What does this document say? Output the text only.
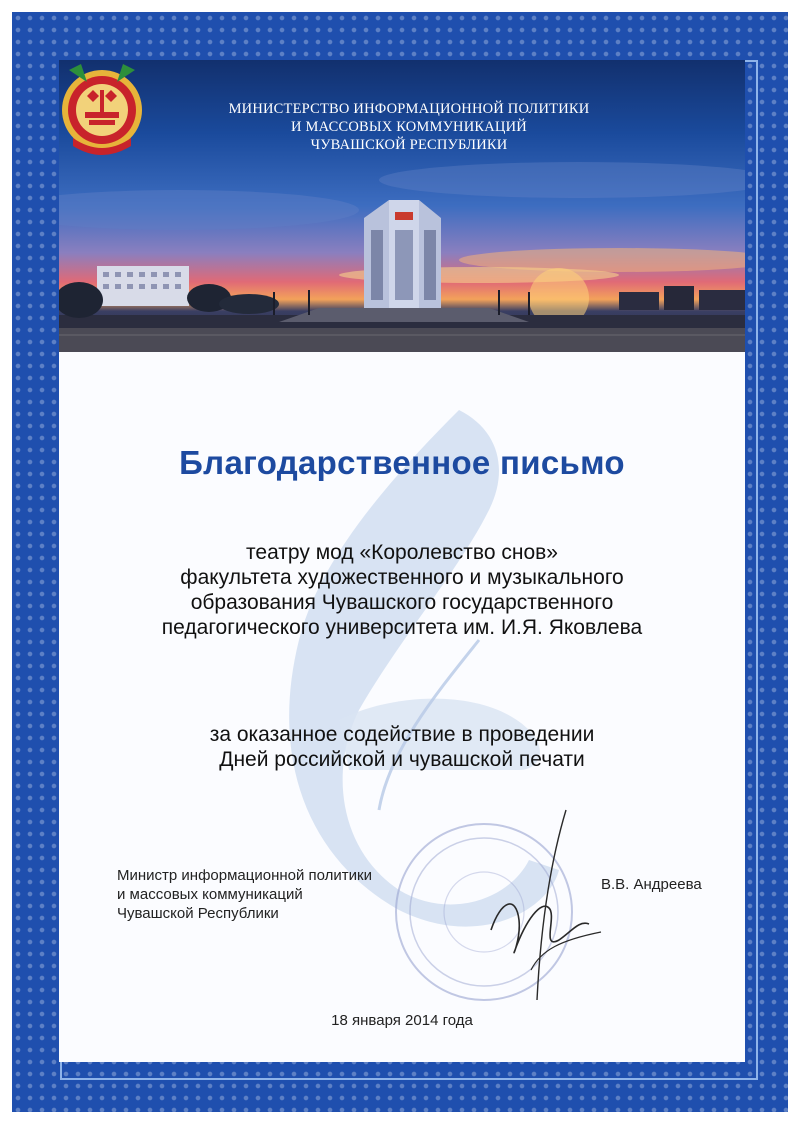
МИНИСТЕРСТВО ИНФОРМАЦИОННОЙ ПОЛИТИКИ
И МАССОВЫХ КОММУНИКАЦИЙ
ЧУВАШСКОЙ РЕСПУБЛИКИ
Благодарственное письмо
театру мод «Королевство снов»
факультета художественного и музыкального
образования Чувашского государственного
педагогического университета им. И.Я. Яковлева
за оказанное содействие в проведении
Дней российской и чувашской печати
Министр информационной политики
и массовых коммуникаций
Чувашской Республики
В.В. Андреева
18 января 2014 года
